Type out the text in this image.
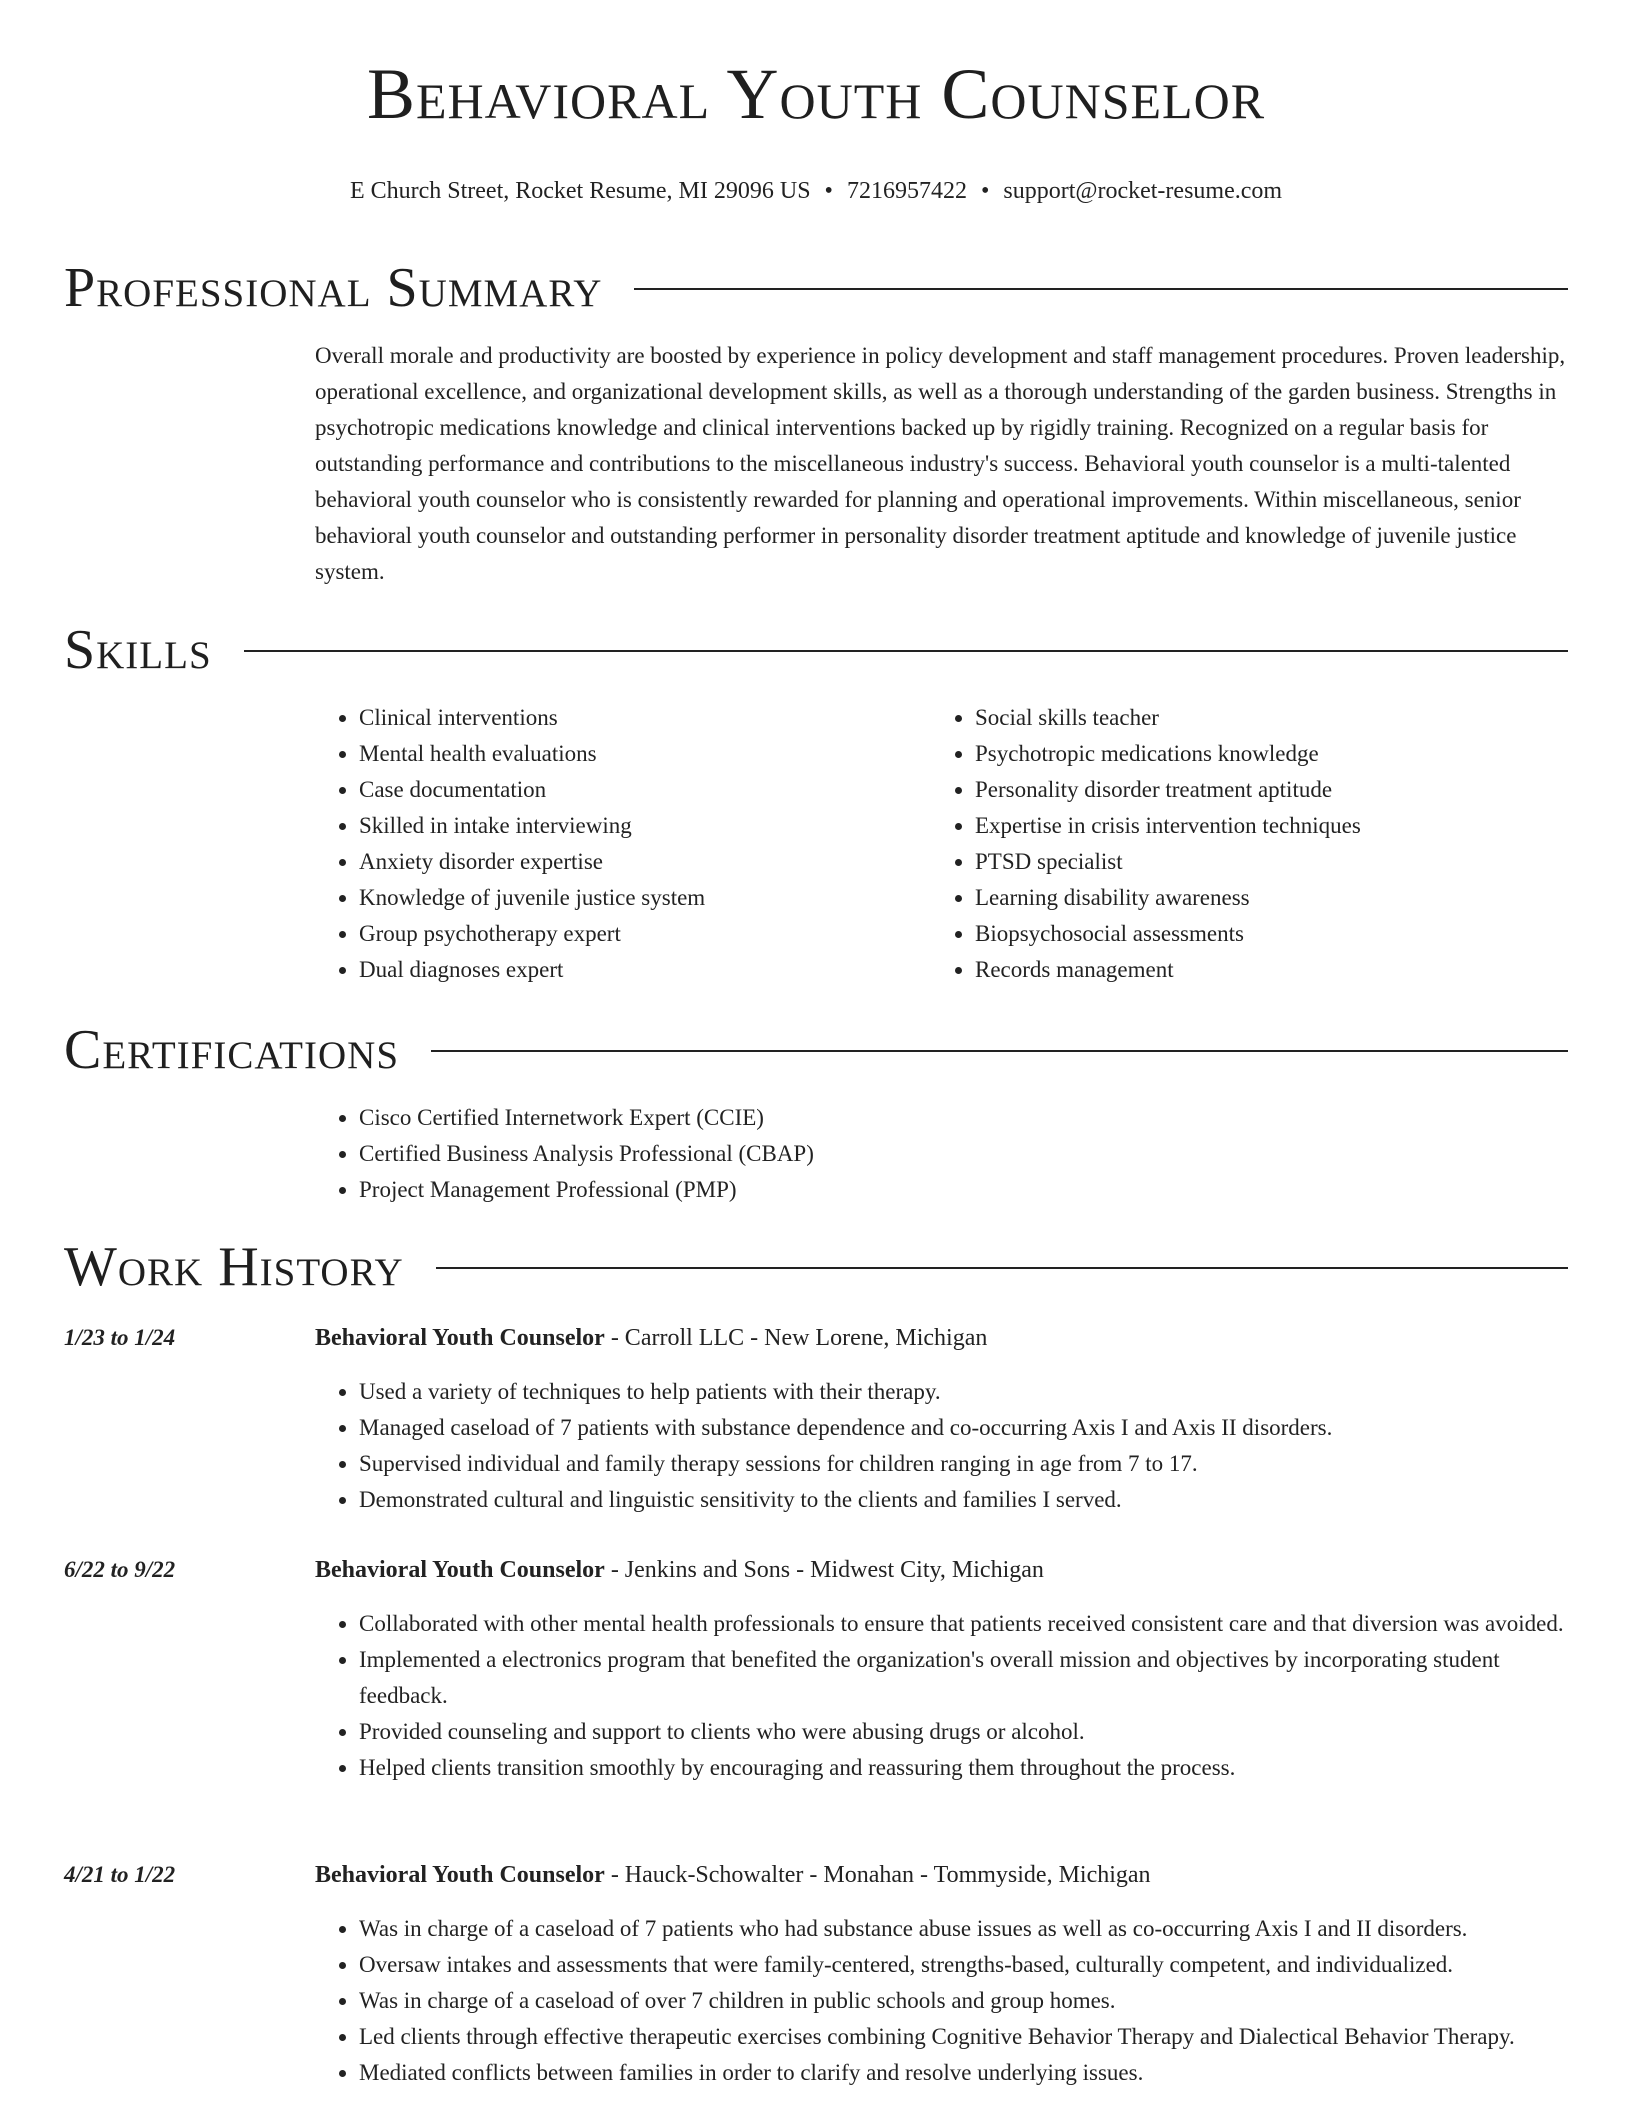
Behavioral Youth Counselor
E Church Street, Rocket Resume, MI 29096 US • 7216957422 • support@rocket-resume.com
Professional Summary

Overall morale and productivity are boosted by experience in policy development and staff management procedures. Proven leadership, operational excellence, and organizational development skills, as well as a thorough understanding of the garden business. Strengths in psychotropic medications knowledge and clinical interventions backed up by rigidly training. Recognized on a regular basis for outstanding performance and contributions to the miscellaneous industry's success. Behavioral youth counselor is a multi-talented behavioral youth counselor who is consistently rewarded for planning and operational improvements. Within miscellaneous, senior behavioral youth counselor and outstanding performer in personality disorder treatment aptitude and knowledge of juvenile justice system.

Skills
• Clinical interventions
• Mental health evaluations
• Case documentation
• Skilled in intake interviewing
• Anxiety disorder expertise
• Knowledge of juvenile justice system
• Group psychotherapy expert
• Dual diagnoses expert
• Social skills teacher
• Psychotropic medications knowledge
• Personality disorder treatment aptitude
• Expertise in crisis intervention techniques
• PTSD specialist
• Learning disability awareness
• Biopsychosocial assessments
• Records management
Certifications
• Cisco Certified Internetwork Expert (CCIE)
• Certified Business Analysis Professional (CBAP)
• Project Management Professional (PMP)
Work History
1/23 to 1/24	Behavioral Youth Counselor - Carroll LLC - New Lorene, Michigan
• Used a variety of techniques to help patients with their therapy.
• Managed caseload of 7 patients with substance dependence and co-occurring Axis I and Axis II disorders.
• Supervised individual and family therapy sessions for children ranging in age from 7 to 17.
• Demonstrated cultural and linguistic sensitivity to the clients and families I served.
6/22 to 9/22	Behavioral Youth Counselor - Jenkins and Sons - Midwest City, Michigan
• Collaborated with other mental health professionals to ensure that patients received consistent care and that diversion was avoided.
• Implemented a electronics program that benefited the organization's overall mission and objectives by incorporating student feedback.
• Provided counseling and support to clients who were abusing drugs or alcohol.
• Helped clients transition smoothly by encouraging and reassuring them throughout the process.
4/21 to 1/22	Behavioral Youth Counselor - Hauck-Schowalter - Monahan - Tommyside, Michigan
• Was in charge of a caseload of 7 patients who had substance abuse issues as well as co-occurring Axis I and II disorders.
• Oversaw intakes and assessments that were family-centered, strengths-based, culturally competent, and individualized.
• Was in charge of a caseload of over 7 children in public schools and group homes.
• Led clients through effective therapeutic exercises combining Cognitive Behavior Therapy and Dialectical Behavior Therapy.
• Mediated conflicts between families in order to clarify and resolve underlying issues.
